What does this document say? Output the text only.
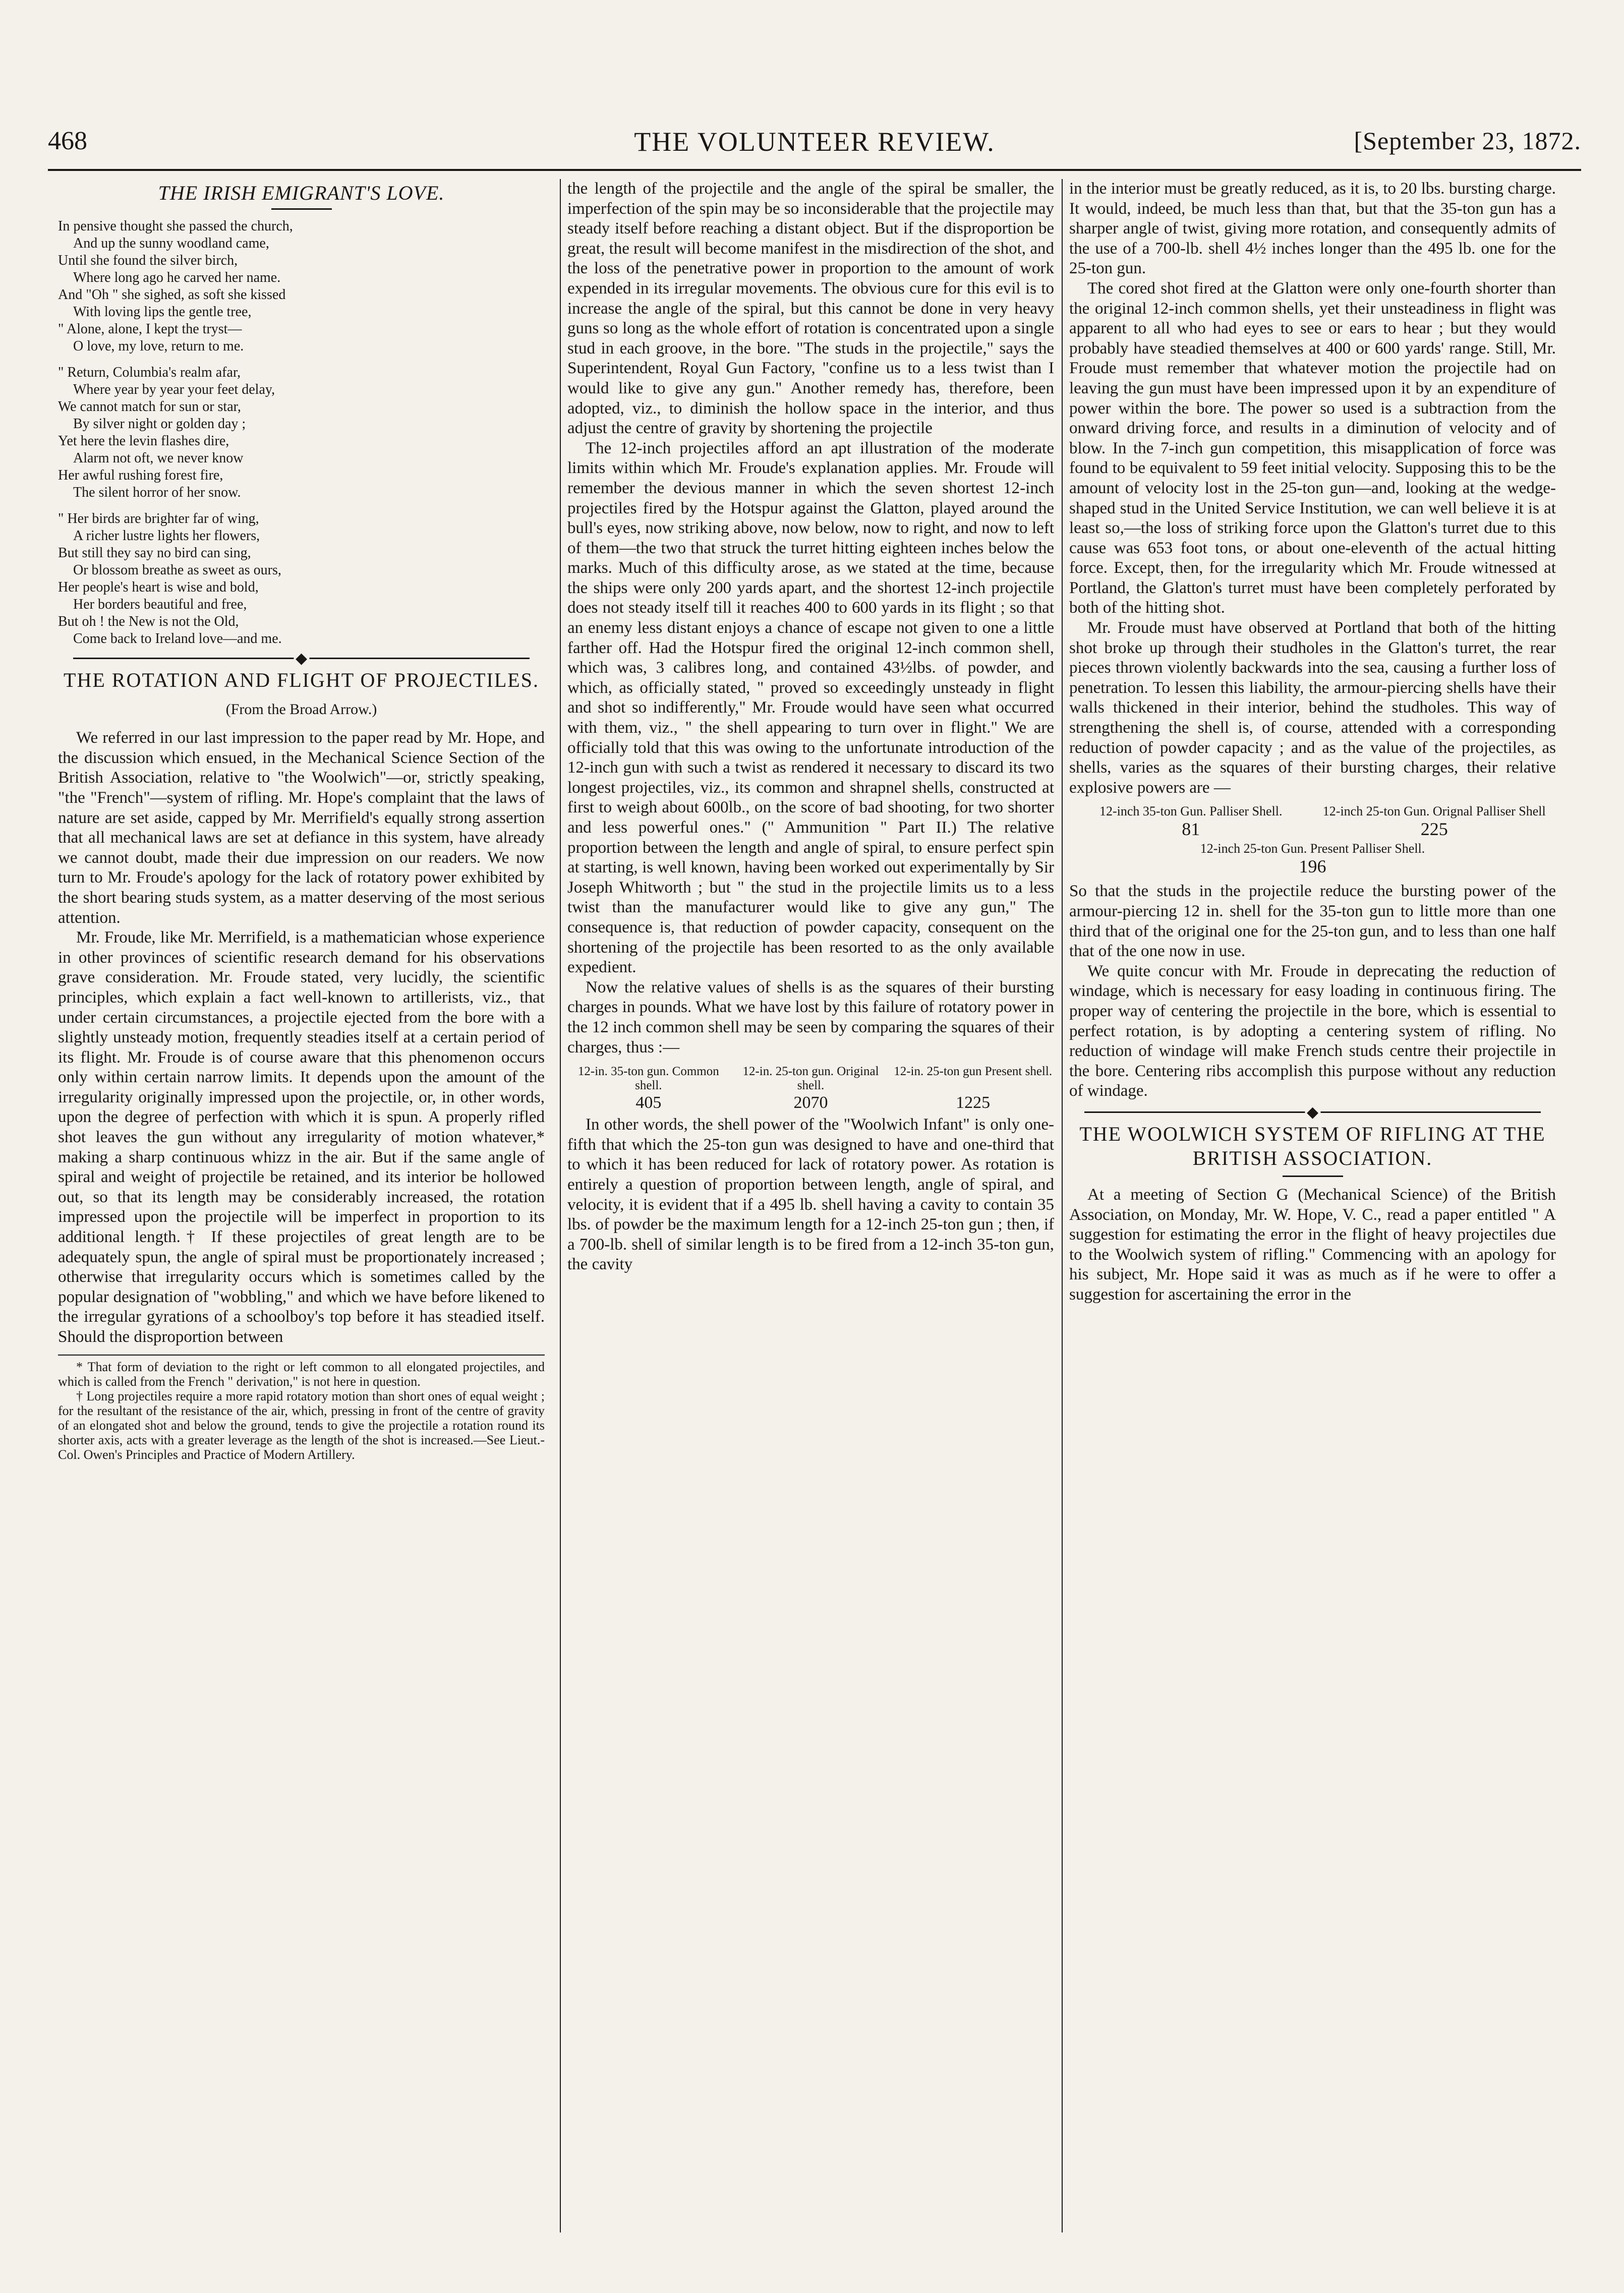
468	THE VOLUNTEER REVIEW.	[September 23, 1872.
THE IRISH EMIGRANT'S LOVE.
In pensive thought she passed the church,
And up the sunny woodland came,
Until she found the silver birch,
Where long ago he carved her name.
And "Oh " she sighed, as soft she kissed
With loving lips the gentle tree,
" Alone, alone, I kept the tryst—
O love, my love, return to me.
" Return, Columbia's realm afar,
Where year by year your feet delay,
We cannot match for sun or star,
By silver night or golden day ;
Yet here the levin flashes dire,
Alarm not oft, we never know
Her awful rushing forest fire,
The silent horror of her snow.
" Her birds are brighter far of wing,
A richer lustre lights her flowers,
But still they say no bird can sing,
Or blossom breathe as sweet as ours,
Her people's heart is wise and bold,
Her borders beautiful and free,
But oh ! the New is not the Old,
Come back to Ireland love—and me.
◆
THE ROTATION AND FLIGHT OF PROJECTILES.
(From the Broad Arrow.)

We referred in our last impression to the paper read by Mr. Hope, and the discussion which ensued, in the Mechanical Science Section of the British Association, relative to "the Woolwich"—or, strictly speaking, "the "French"—system of rifling. Mr. Hope's complaint that the laws of nature are set aside, capped by Mr. Merrifield's equally strong assertion that all mechanical laws are set at defiance in this system, have already we cannot doubt, made their due impression on our readers. We now turn to Mr. Froude's apology for the lack of rotatory power exhibited by the short bearing studs system, as a matter deserving of the most serious attention.

Mr. Froude, like Mr. Merrifield, is a mathematician whose experience in other provinces of scientific research demand for his observations grave consideration. Mr. Froude stated, very lucidly, the scientific principles, which explain a fact well-known to artillerists, viz., that under certain circumstances, a projectile ejected from the bore with a slightly unsteady motion, frequently steadies itself at a certain period of its flight. Mr. Froude is of course aware that this phenomenon occurs only within certain narrow limits. It depends upon the amount of the irregularity originally impressed upon the projectile, or, in other words, upon the degree of perfection with which it is spun. A properly rifled shot leaves the gun without any irregularity of motion whatever,* making a sharp continuous whizz in the air. But if the same angle of spiral and weight of projectile be retained, and its interior be hollowed out, so that its length may be considerably increased, the rotation impressed upon the projectile will be imperfect in proportion to its additional length.† If these projectiles of great length are to be adequately spun, the angle of spiral must be proportionately increased ; otherwise that irregularity occurs which is sometimes called by the popular designation of "wobbling," and which we have before likened to the irregular gyrations of a schoolboy's top before it has steadied itself. Should the disproportion between

* That form of deviation to the right or left common to all elongated projectiles, and which is called from the French " derivation," is not here in question.

† Long projectiles require a more rapid rotatory motion than short ones of equal weight ; for the resultant of the resistance of the air, which, pressing in front of the centre of gravity of an elongated shot and below the ground, tends to give the projectile a rotation round its shorter axis, acts with a greater leverage as the length of the shot is increased.—See Lieut.-Col. Owen's Principles and Practice of Modern Artillery.

the length of the projectile and the angle of the spiral be smaller, the imperfection of the spin may be so inconsiderable that the projectile may steady itself before reaching a distant object. But if the disproportion be great, the result will become manifest in the misdirection of the shot, and the loss of the penetrative power in proportion to the amount of work expended in its irregular movements. The obvious cure for this evil is to increase the angle of the spiral, but this cannot be done in very heavy guns so long as the whole effort of rotation is concentrated upon a single stud in each groove, in the bore. "The studs in the projectile," says the Superintendent, Royal Gun Factory, "confine us to a less twist than I would like to give any gun." Another remedy has, therefore, been adopted, viz., to diminish the hollow space in the interior, and thus adjust the centre of gravity by shortening the projectile

The 12-inch projectiles afford an apt illustration of the moderate limits within which Mr. Froude's explanation applies. Mr. Froude will remember the devious manner in which the seven shortest 12-inch projectiles fired by the Hotspur against the Glatton, played around the bull's eyes, now striking above, now below, now to right, and now to left of them—the two that struck the turret hitting eighteen inches below the marks. Much of this difficulty arose, as we stated at the time, because the ships were only 200 yards apart, and the shortest 12-inch projectile does not steady itself till it reaches 400 to 600 yards in its flight ; so that an enemy less distant enjoys a chance of escape not given to one a little farther off. Had the Hotspur fired the original 12-inch common shell, which was, 3 calibres long, and contained 43½lbs. of powder, and which, as officially stated, " proved so exceedingly unsteady in flight and shot so indifferently," Mr. Froude would have seen what occurred with them, viz., " the shell appearing to turn over in flight." We are officially told that this was owing to the unfortunate introduction of the 12-inch gun with such a twist as rendered it necessary to discard its two longest projectiles, viz., its common and shrapnel shells, constructed at first to weigh about 600lb., on the score of bad shooting, for two shorter and less powerful ones." (" Ammunition " Part II.) The relative proportion between the length and angle of spiral, to ensure perfect spin at starting, is well known, having been worked out experimentally by Sir Joseph Whitworth ; but " the stud in the projectile limits us to a less twist than the manufacturer would like to give any gun," The consequence is, that reduction of powder capacity, consequent on the shortening of the projectile has been resorted to as the only available expedient.

Now the relative values of shells is as the squares of their bursting charges in pounds. What we have lost by this failure of rotatory power in the 12 inch common shell may be seen by comparing the squares of their charges, thus :—

12-in. 35-ton gun. Common shell.
12-in. 25-ton gun. Original shell.
12-in. 25-ton gun Present shell.
405	2070	1225

In other words, the shell power of the "Woolwich Infant" is only one-fifth that which the 25-ton gun was designed to have and one-third that to which it has been reduced for lack of rotatory power. As rotation is entirely a question of proportion between length, angle of spiral, and velocity, it is evident that if a 495 lb. shell having a cavity to contain 35 lbs. of powder be the maximum length for a 12-inch 25-ton gun ; then, if a 700-lb. shell of similar length is to be fired from a 12-inch 35-ton gun, the cavity

in the interior must be greatly reduced, as it is, to 20 lbs. bursting charge. It would, indeed, be much less than that, but that the 35-ton gun has a sharper angle of twist, giving more rotation, and consequently admits of the use of a 700-lb. shell 4½ inches longer than the 495 lb. one for the 25-ton gun.

The cored shot fired at the Glatton were only one-fourth shorter than the original 12-inch common shells, yet their unsteadiness in flight was apparent to all who had eyes to see or ears to hear ; but they would probably have steadied themselves at 400 or 600 yards' range. Still, Mr. Froude must remember that whatever motion the projectile had on leaving the gun must have been impressed upon it by an expenditure of power within the bore. The power so used is a subtraction from the onward driving force, and results in a diminution of velocity and of blow. In the 7-inch gun competition, this misapplication of force was found to be equivalent to 59 feet initial velocity. Supposing this to be the amount of velocity lost in the 25-ton gun—and, looking at the wedge-shaped stud in the United Service Institution, we can well believe it is at least so,—the loss of striking force upon the Glatton's turret due to this cause was 653 foot tons, or about one-eleventh of the actual hitting force. Except, then, for the irregularity which Mr. Froude witnessed at Portland, the Glatton's turret must have been completely perforated by both of the hitting shot.

Mr. Froude must have observed at Portland that both of the hitting shot broke up through their studholes in the Glatton's turret, the rear pieces thrown violently backwards into the sea, causing a further loss of penetration. To lessen this liability, the armour-piercing shells have their walls thickened in their interior, behind the studholes. This way of strengthening the shell is, of course, attended with a corresponding reduction of powder capacity ; and as the value of the projectiles, as shells, varies as the squares of their bursting charges, their relative explosive powers are —

12-inch 35-ton Gun. Palliser Shell.	12-inch 25-ton Gun. Orignal Palliser Shell
81	225
12-inch 25-ton Gun. Present Palliser Shell.
196

So that the studs in the projectile reduce the bursting power of the armour-piercing 12 in. shell for the 35-ton gun to little more than one third that of the original one for the 25-ton gun, and to less than one half that of the one now in use.

We quite concur with Mr. Froude in deprecating the reduction of windage, which is necessary for easy loading in continuous firing. The proper way of centering the projectile in the bore, which is essential to perfect rotation, is by adopting a centering system of rifling. No reduction of windage will make French studs centre their projectile in the bore. Centering ribs accomplish this purpose without any reduction of windage.

◆
THE WOOLWICH SYSTEM OF RIFLING AT THE BRITISH ASSOCIATION.

At a meeting of Section G (Mechanical Science) of the British Association, on Monday, Mr. W. Hope, V. C., read a paper entitled " A suggestion for estimating the error in the flight of heavy projectiles due to the Woolwich system of rifling." Commencing with an apology for his subject, Mr. Hope said it was as much as if he were to offer a suggestion for ascertaining the error in the
